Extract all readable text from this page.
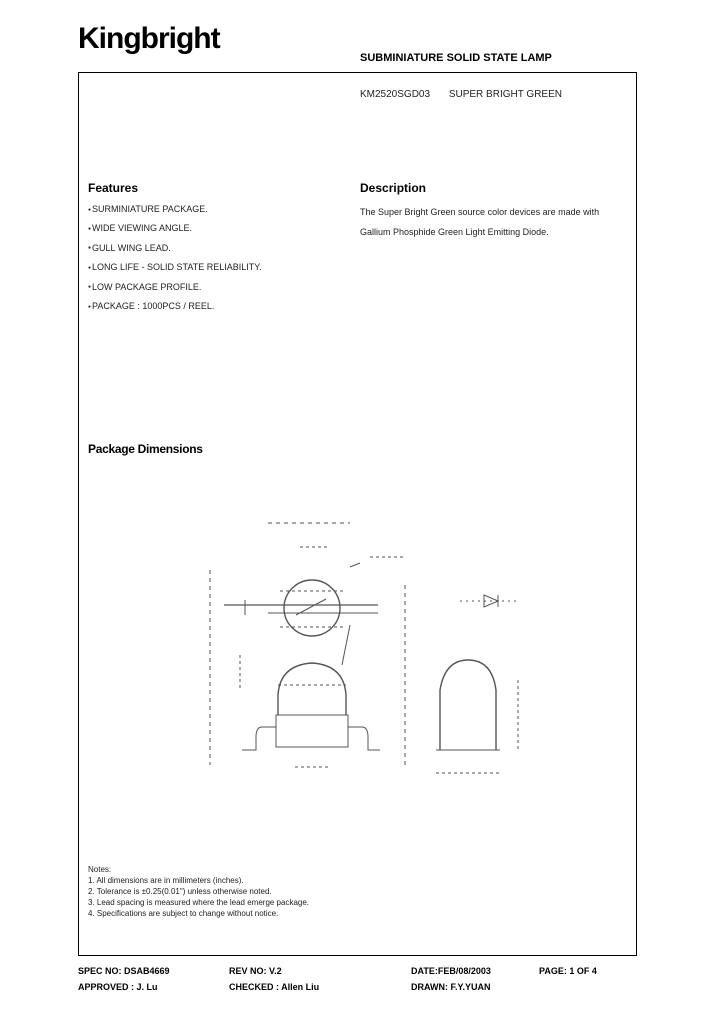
Kingbright
SUBMINIATURE SOLID STATE LAMP
KM2520SGD03 SUPER BRIGHT GREEN
Features
● SURMINIATURE PACKAGE.
● WIDE VIEWING ANGLE.
● GULL WING LEAD.
● LONG LIFE - SOLID STATE RELIABILITY.
● LOW PACKAGE PROFILE.
● PACKAGE : 1000PCS / REEL.
Description

The Super Bright Green source color devices are made with Gallium Phosphide Green Light Emitting Diode.

Package Dimensions
Notes:
1. All dimensions are in millimeters (inches).
2. Tolerance is ±0.25(0.01") unless otherwise noted.
3. Lead spacing is measured where the lead emerge package.
4. Specifications are subject to change without notice.
SPEC NO: DSAB4669	REV NO: V.2	DATE:FEB/08/2003	PAGE: 1 OF 4
APPROVED : J. Lu	CHECKED : Allen Liu	DRAWN: F.Y.YUAN
